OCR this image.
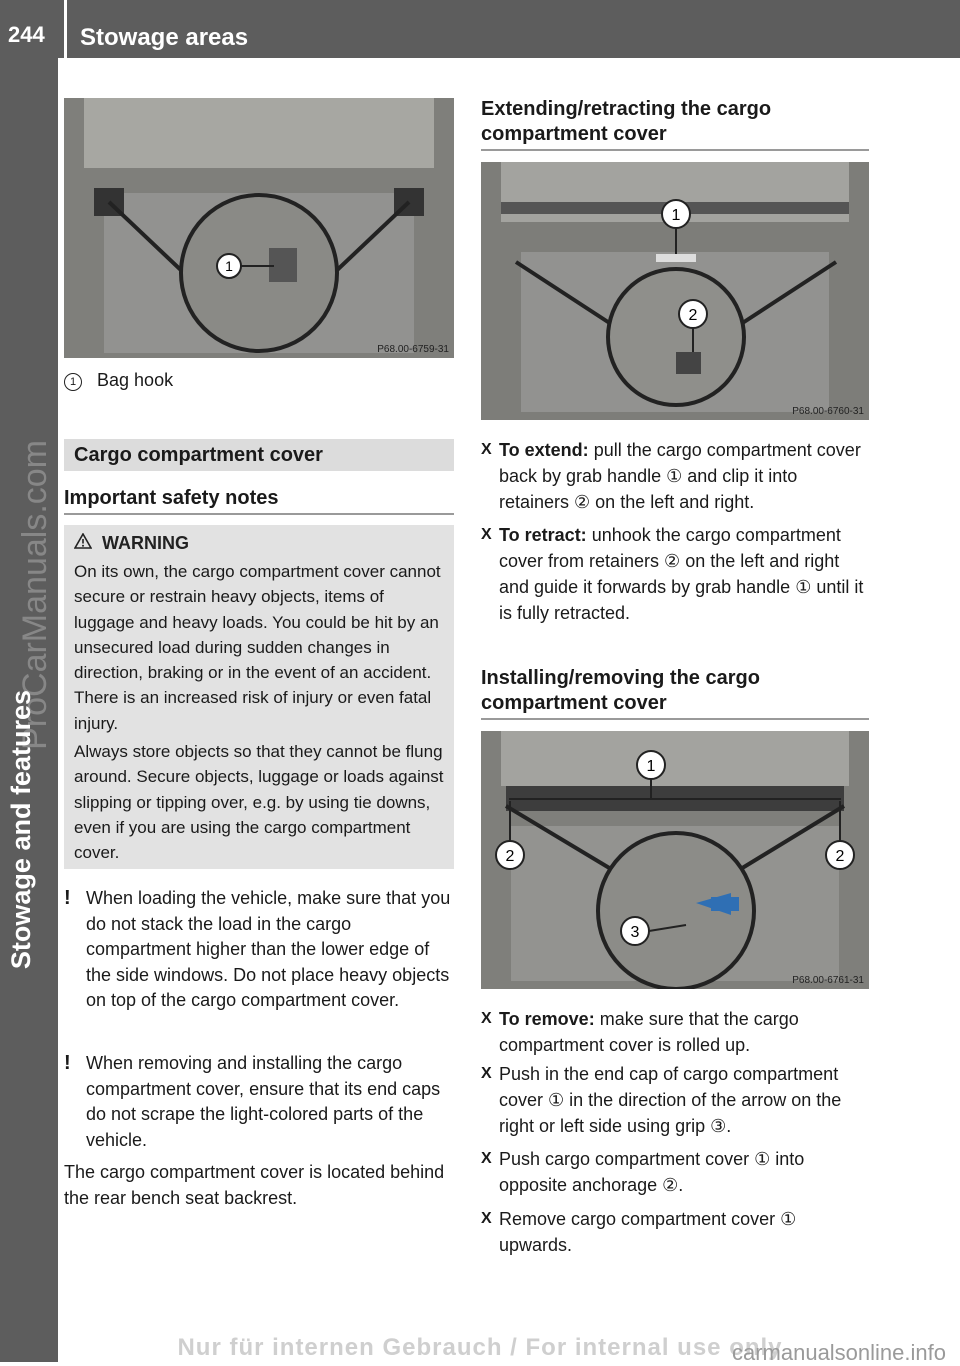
244 Stowage areas
ProCarManuals.com
Stowage and features
1
P68.00-6759-31
1 Bag hook
Cargo compartment cover
Important safety notes
WARNING

On its own, the cargo compartment cover cannot secure or restrain heavy objects, items of luggage and heavy loads. You could be hit by an unsecured load during sudden changes in direction, braking or in the event of an accident. There is an increased risk of injury or even fatal injury.

Always store objects so that they cannot be flung around. Secure objects, luggage or loads against slipping or tipping over, e.g. by using tie downs, even if you are using the cargo compartment cover.

! When loading the vehicle, make sure that you do not stack the load in the cargo compartment higher than the lower edge of the side windows. Do not place heavy objects on top of the cargo compartment cover.
! When removing and installing the cargo compartment cover, ensure that its end caps do not scrape the light-colored parts of the vehicle.
The cargo compartment cover is located behind the rear bench seat backrest.
Extending/retracting the cargo compartment cover
1
2
P68.00-6760-31
X To extend: pull the cargo compartment cover back by grab handle ① and clip it into retainers ② on the left and right.
X To retract: unhook the cargo compartment cover from retainers ② on the left and right and guide it forwards by grab handle ① until it is fully retracted.
Installing/removing the cargo compartment cover
1
2	2
3
P68.00-6761-31
X To remove: make sure that the cargo compartment cover is rolled up.
X Push in the end cap of cargo compartment cover ① in the direction of the arrow on the right or left side using grip ③.
X Push cargo compartment cover ① into opposite anchorage ②.
X Remove cargo compartment cover ① upwards.
Nur für internen Gebrauch / For internal use only
carmanualsonline.info
